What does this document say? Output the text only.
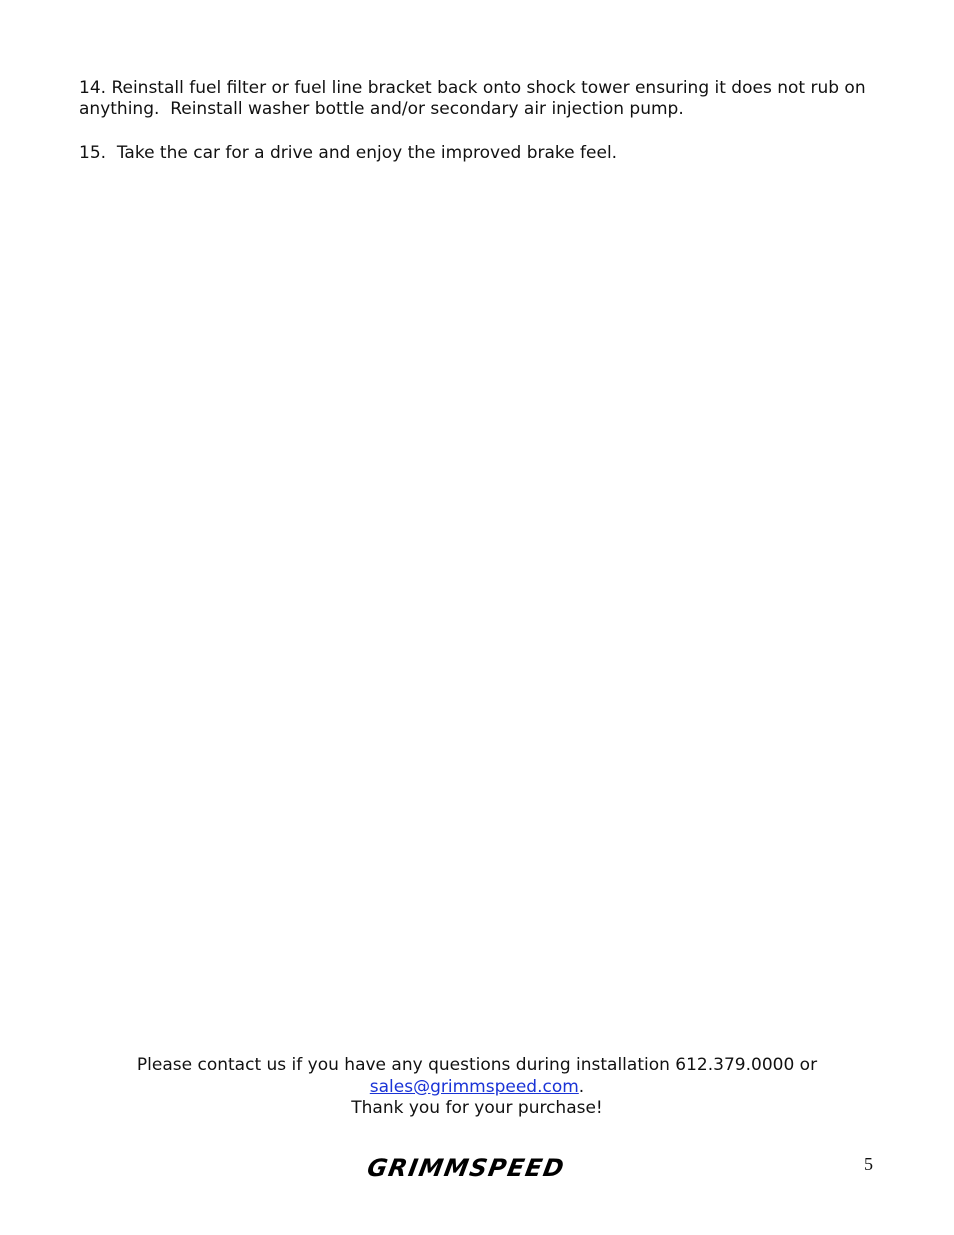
14. Reinstall fuel filter or fuel line bracket back onto shock tower ensuring it does not rub on anything.  Reinstall washer bottle and/or secondary air injection pump.

15.  Take the car for a drive and enjoy the improved brake feel.

Please contact us if you have any questions during installation 612.379.0000 or
sales@grimmspeed.com.
Thank you for your purchase!
GRIMMSPEED	5
